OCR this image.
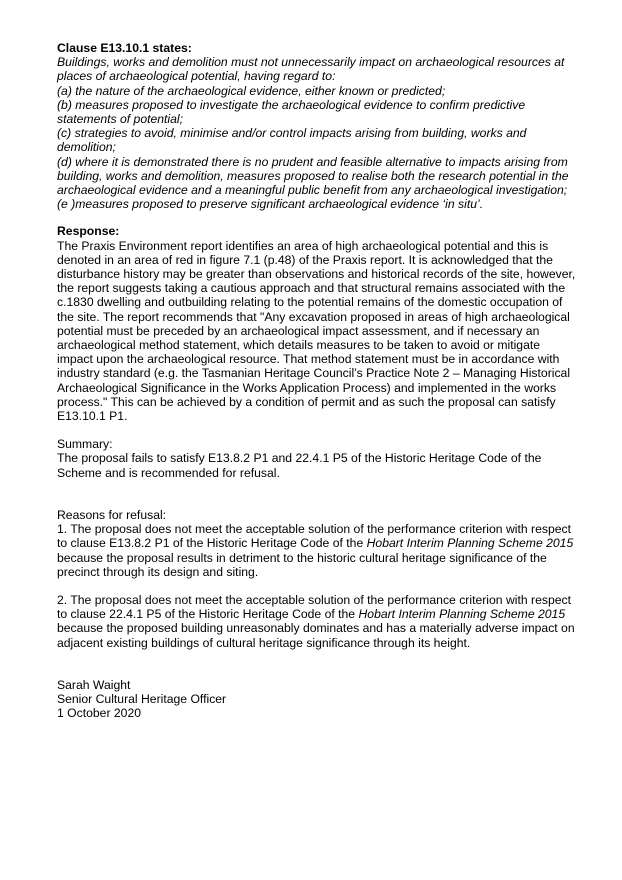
Clause E13.10.1 states:

Buildings, works and demolition must not unnecessarily impact on archaeological resources at places of archaeological potential, having regard to:

(a) the nature of the archaeological evidence, either known or predicted;

(b) measures proposed to investigate the archaeological evidence to confirm predictive statements of potential;

(c) strategies to avoid, minimise and/or control impacts arising from building, works and demolition;

(d) where it is demonstrated there is no prudent and feasible alternative to impacts arising from building, works and demolition, measures proposed to realise both the research potential in the archaeological evidence and a meaningful public benefit from any archaeological investigation;

(e )measures proposed to preserve significant archaeological evidence ‘in situ’.

Response:

The Praxis Environment report identifies an area of high archaeological potential and this is denoted in an area of red in figure 7.1 (p.48) of the Praxis report. It is acknowledged that the disturbance history may be greater than observations and historical records of the site, however, the report suggests taking a cautious approach and that structural remains associated with the c.1830 dwelling and outbuilding relating to the potential remains of the domestic occupation of the site. The report recommends that "Any excavation proposed in areas of high archaeological potential must be preceded by an archaeological impact assessment, and if necessary an archaeological method statement, which details measures to be taken to avoid or mitigate impact upon the archaeological resource. That method statement must be in accordance with industry standard (e.g. the Tasmanian Heritage Council’s Practice Note 2 – Managing Historical Archaeological Significance in the Works Application Process) and implemented in the works process." This can be achieved by a condition of permit and as such the proposal can satisfy E13.10.1 P1.

Summary:

The proposal fails to satisfy E13.8.2 P1 and 22.4.1 P5 of the Historic Heritage Code of the Scheme and is recommended for refusal.

Reasons for refusal:

1. The proposal does not meet the acceptable solution of the performance criterion with respect to clause E13.8.2 P1 of the Historic Heritage Code of the Hobart Interim Planning Scheme 2015 because the proposal results in detriment to the historic cultural heritage significance of the precinct through its design and siting.

2. The proposal does not meet the acceptable solution of the performance criterion with respect to clause 22.4.1 P5 of the Historic Heritage Code of the Hobart Interim Planning Scheme 2015 because the proposed building unreasonably dominates and has a materially adverse impact on adjacent existing buildings of cultural heritage significance through its height.

Sarah Waight

Senior Cultural Heritage Officer

1 October 2020
